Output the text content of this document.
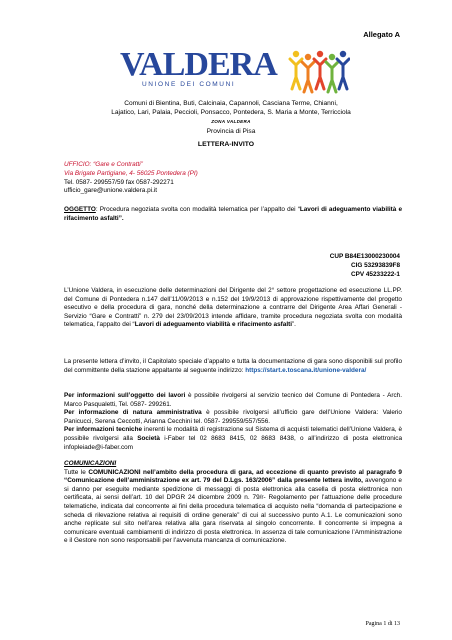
Allegato A
VALDERA
UNIONE DEI COMUNI
Comuni di Bientina, Buti, Calcinaia, Capannoli, Casciana Terme, Chianni,
Lajatico, Lari, Palaia, Peccioli, Ponsacco, Pontedera, S. Maria a Monte, Terricciola
ZONA VALDERA
Provincia di Pisa
LETTERA-INVITO
UFFICIO: “Gare e Contratti”
Via Brigate Partigiane, 4- 56025 Pontedera (PI)
Tel. 0587- 299557/59 fax 0587-292271
ufficio_gare@unione.valdera.pi.it
OGGETTO: Procedura negoziata svolta con modalità telematica per l’appalto dei “Lavori di adeguamento viabilità e rifacimento asfalti”.
CUP B84E13000230004
CIG 53293839F8
CPV 45233222-1
L’Unione Valdera, in esecuzione delle determinazioni del Dirigente del 2° settore progettazione ed esecuzione LL.PP. del Comune di Pontedera n.147 dell’11/09/2013 e n.152 del 19/9/2013 di approvazione rispettivamente del progetto esecutivo e della procedura di gara, nonché della determinazione a contrarre del Dirigente Area Affari Generali - Servizio “Gare e Contratti” n. 279 del 23/09/2013 intende affidare, tramite procedura negoziata svolta con modalità telematica, l’appalto dei “Lavori di adeguamento viabilità e rifacimento asfalti”.
La presente lettera d’invito, il Capitolato speciale d’appalto e tutta la documentazione di gara sono disponibili sul profilo del committente della stazione appaltante al seguente indirizzo: https://start.e.toscana.it/unione-valdera/
Per informazioni sull’oggetto dei lavori è possibile rivolgersi al servizio tecnico del Comune di Pontedera - Arch. Marco Pasqualetti, Tel. 0587- 299261.
Per informazione di natura amministrativa è possibile rivolgersi all’ufficio gare dell’Unione Valdera: Valerio Panicucci, Serena Ceccotti, Arianna Cecchini tel. 0587- 299559/557/556.
Per informazioni tecniche inerenti le modalità di registrazione sul Sistema di acquisti telematici dell’Unione Valdera, è possibile rivolgersi alla Società i-Faber tel 02 8683 8415, 02 8683 8438, o all’indirizzo di posta elettronica infopleiade@i-faber.com
COMUNICAZIONI
Tutte le COMUNICAZIONI nell’ambito della procedura di gara, ad eccezione di quanto previsto al paragrafo 9 “Comunicazione dell’amministrazione ex art. 79 del D.Lgs. 163/2006” dalla presente lettera invito, avvengono e si danno per eseguite mediante spedizione di messaggi di posta elettronica alla casella di posta elettronica non certificata, ai sensi dell’art. 10 del DPGR 24 dicembre 2009 n. 79/r- Regolamento per l’attuazione delle procedure telematiche, indicata dal concorrente ai fini della procedura telematica di acquisto nella “domanda di partecipazione e scheda di rilevazione relativa ai requisiti di ordine generale” di cui al successivo punto A.1. Le comunicazioni sono anche replicate sul sito nell’area relativa alla gara riservata al singolo concorrente. Il concorrente si impegna a comunicare eventuali cambiamenti di indirizzo di posta elettronica. In assenza di tale comunicazione l’Amministrazione e il Gestore non sono responsabili per l’avvenuta mancanza di comunicazione.
Pagina 1 di 13
